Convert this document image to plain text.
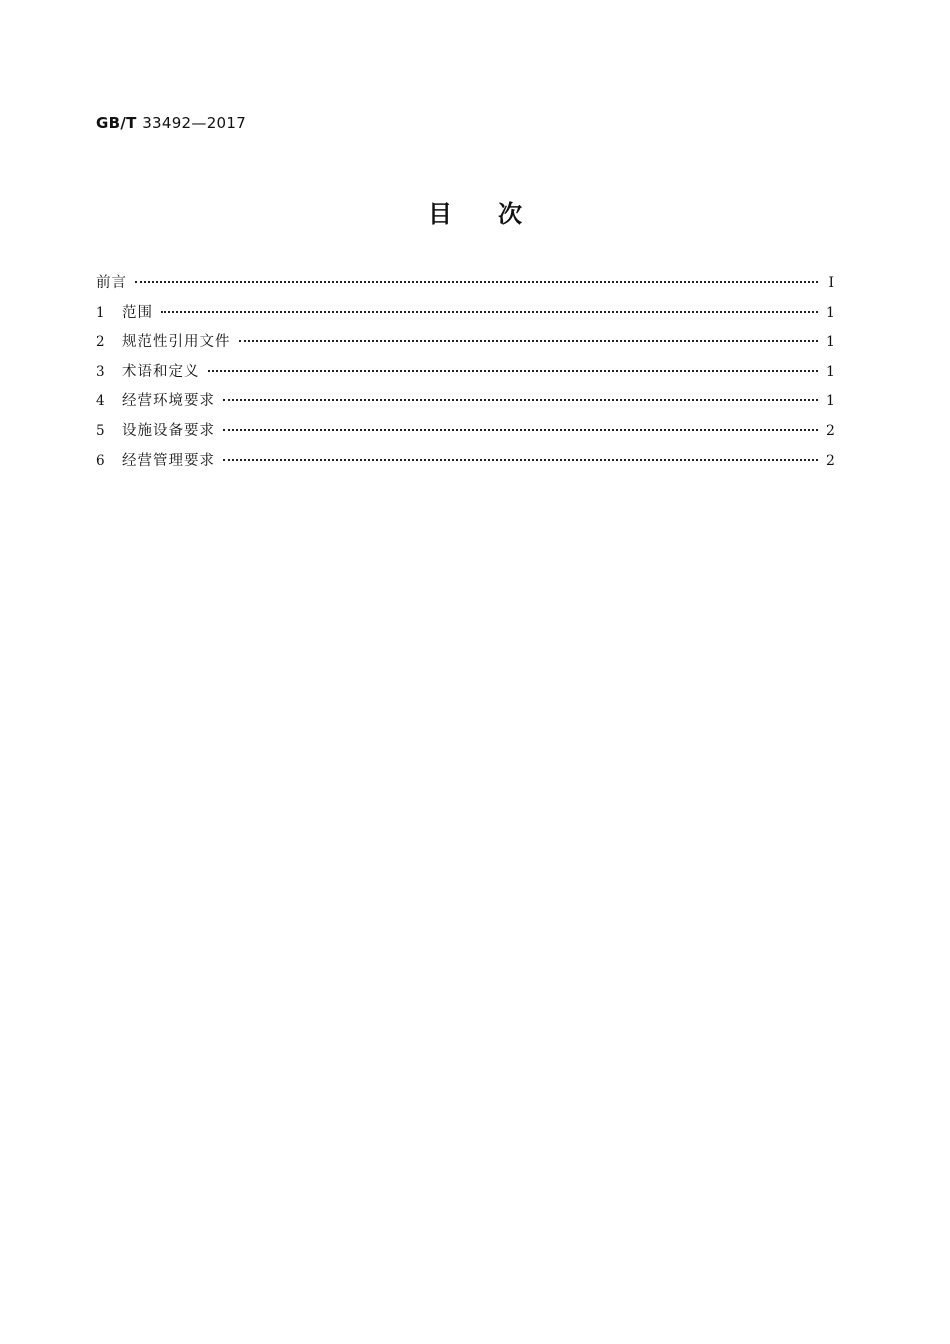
GB/T 33492—2017
目次
前言	Ⅰ
1	范围	1
2	规范性引用文件	1
3	术语和定义	1
4	经营环境要求	1
5	设施设备要求	2
6	经营管理要求	2
